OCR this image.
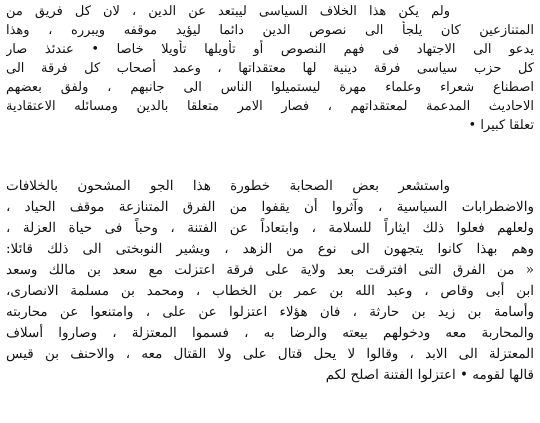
ولم يكن هذا الخلاف السياسى ليبتعد عن الدين ، لان كل فريق من
المتنازعين كان يلجأ الى نصوص الدين دائما ليؤيد موقفه ويبرره ، وهذا
يدعو الى الاجتهاد فى فهم النصوص أو تأويلها تأويلا خاصا • عندئذ صار
كل حزب سياسى فرقة دينية لها معتقداتها ، وعمد أصحاب كل فرقة الى
اصطناع شعراء وعلماء مهرة ليستميلوا الناس الى جانبهم ، ولفق بعضهم
الاحاديث المدعمة لمعتقداتهم ، فصار الامر متعلقا بالدين ومسائله الاعتقادية
تعلقا كبيرا •
واستشعر بعض الصحابة خطورة هذا الجو المشحون بالخلافات
والاضطرابات السياسية ، وآثروا أن يقفوا من الفرق المتنازعة موقف الحياد ،
ولعلهم فعلوا ذلك ايثاراً للسلامة ، وابتعاداً عن الفتنة ، وحباً فى حياة العزلة ،
وهم بهذا كانوا يتجهون الى نوع من الزهد ، ويشير النوبختى الى ذلك قائلا:
« من الفرق التى افترقت بعد ولاية على فرقة اعتزلت مع سعد بن مالك وسعد
ابن أبى وقاص ، وعبد الله بن عمر بن الخطاب ، ومحمد بن مسلمة الانصارى،
وأسامة بن زيد بن حارثة ، فان هؤلاء اعتزلوا عن على ، وامتنعوا عن محاربته
والمحاربة معه ودخولهم بيعته والرضا به ، فسموا المعتزلة ، وصاروا أسلاف
المعتزلة الى الابد ، وقالوا لا يحل قتال على ولا القتال معه ، والاحنف بن قيس
قالها لقومه • اعتزلوا الفتنة اصلح لكم
